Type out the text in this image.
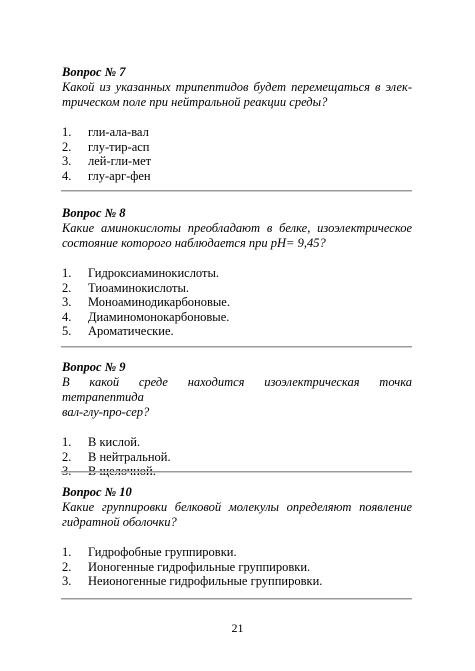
Вопрос № 7

Какой из указанных трипептидов будет перемещаться в элек-
трическом поле при нейтральной реакции среды?

1.	гли-ала-вал
2.	глу-тир-асп
3.	лей-гли-мет
4.	глу-арг-фен

Вопрос № 8

Какие аминокислоты преобладают в белке, изоэлектрическое
состояние которого наблюдается при pH= 9,45?

1.	Гидроксиаминокислоты.
2.	Тиоаминокислоты.
3.	Моноаминодикарбоновые.
4.	Диаминомонокарбоновые.
5.	Ароматические.

Вопрос № 9

В какой среде находится изоэлектрическая точка тетрапептида
вал-глу-про-сер?

1.	В кислой.
2.	В нейтральной.
3.	В щелочной.

Вопрос № 10

Какие группировки белковой молекулы определяют появление
гидратной оболочки?

1.	Гидрофобные группировки.
2.	Ионогенные гидрофильные группировки.
3.	Неионогенные гидрофильные группировки.
21
